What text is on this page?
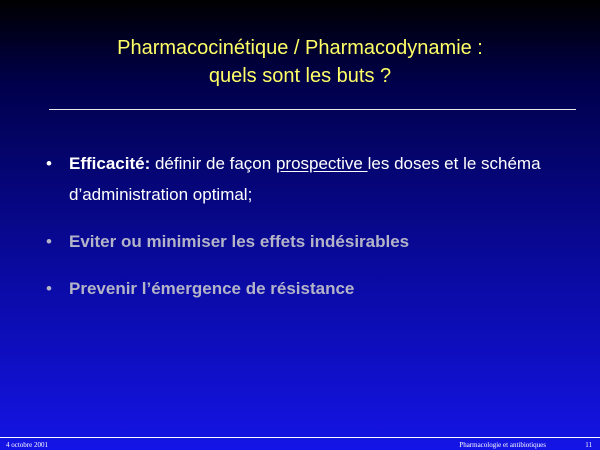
Pharmacocinétique / Pharmacodynamie :
quels sont les buts ?
• Efficacité: définir de façon prospective les doses et le schéma d’administration optimal;
• Eviter ou minimiser les effets indésirables
• Prevenir l’émergence de résistance
4 octobre 2001	Pharmacologie et antibiotiques	11
